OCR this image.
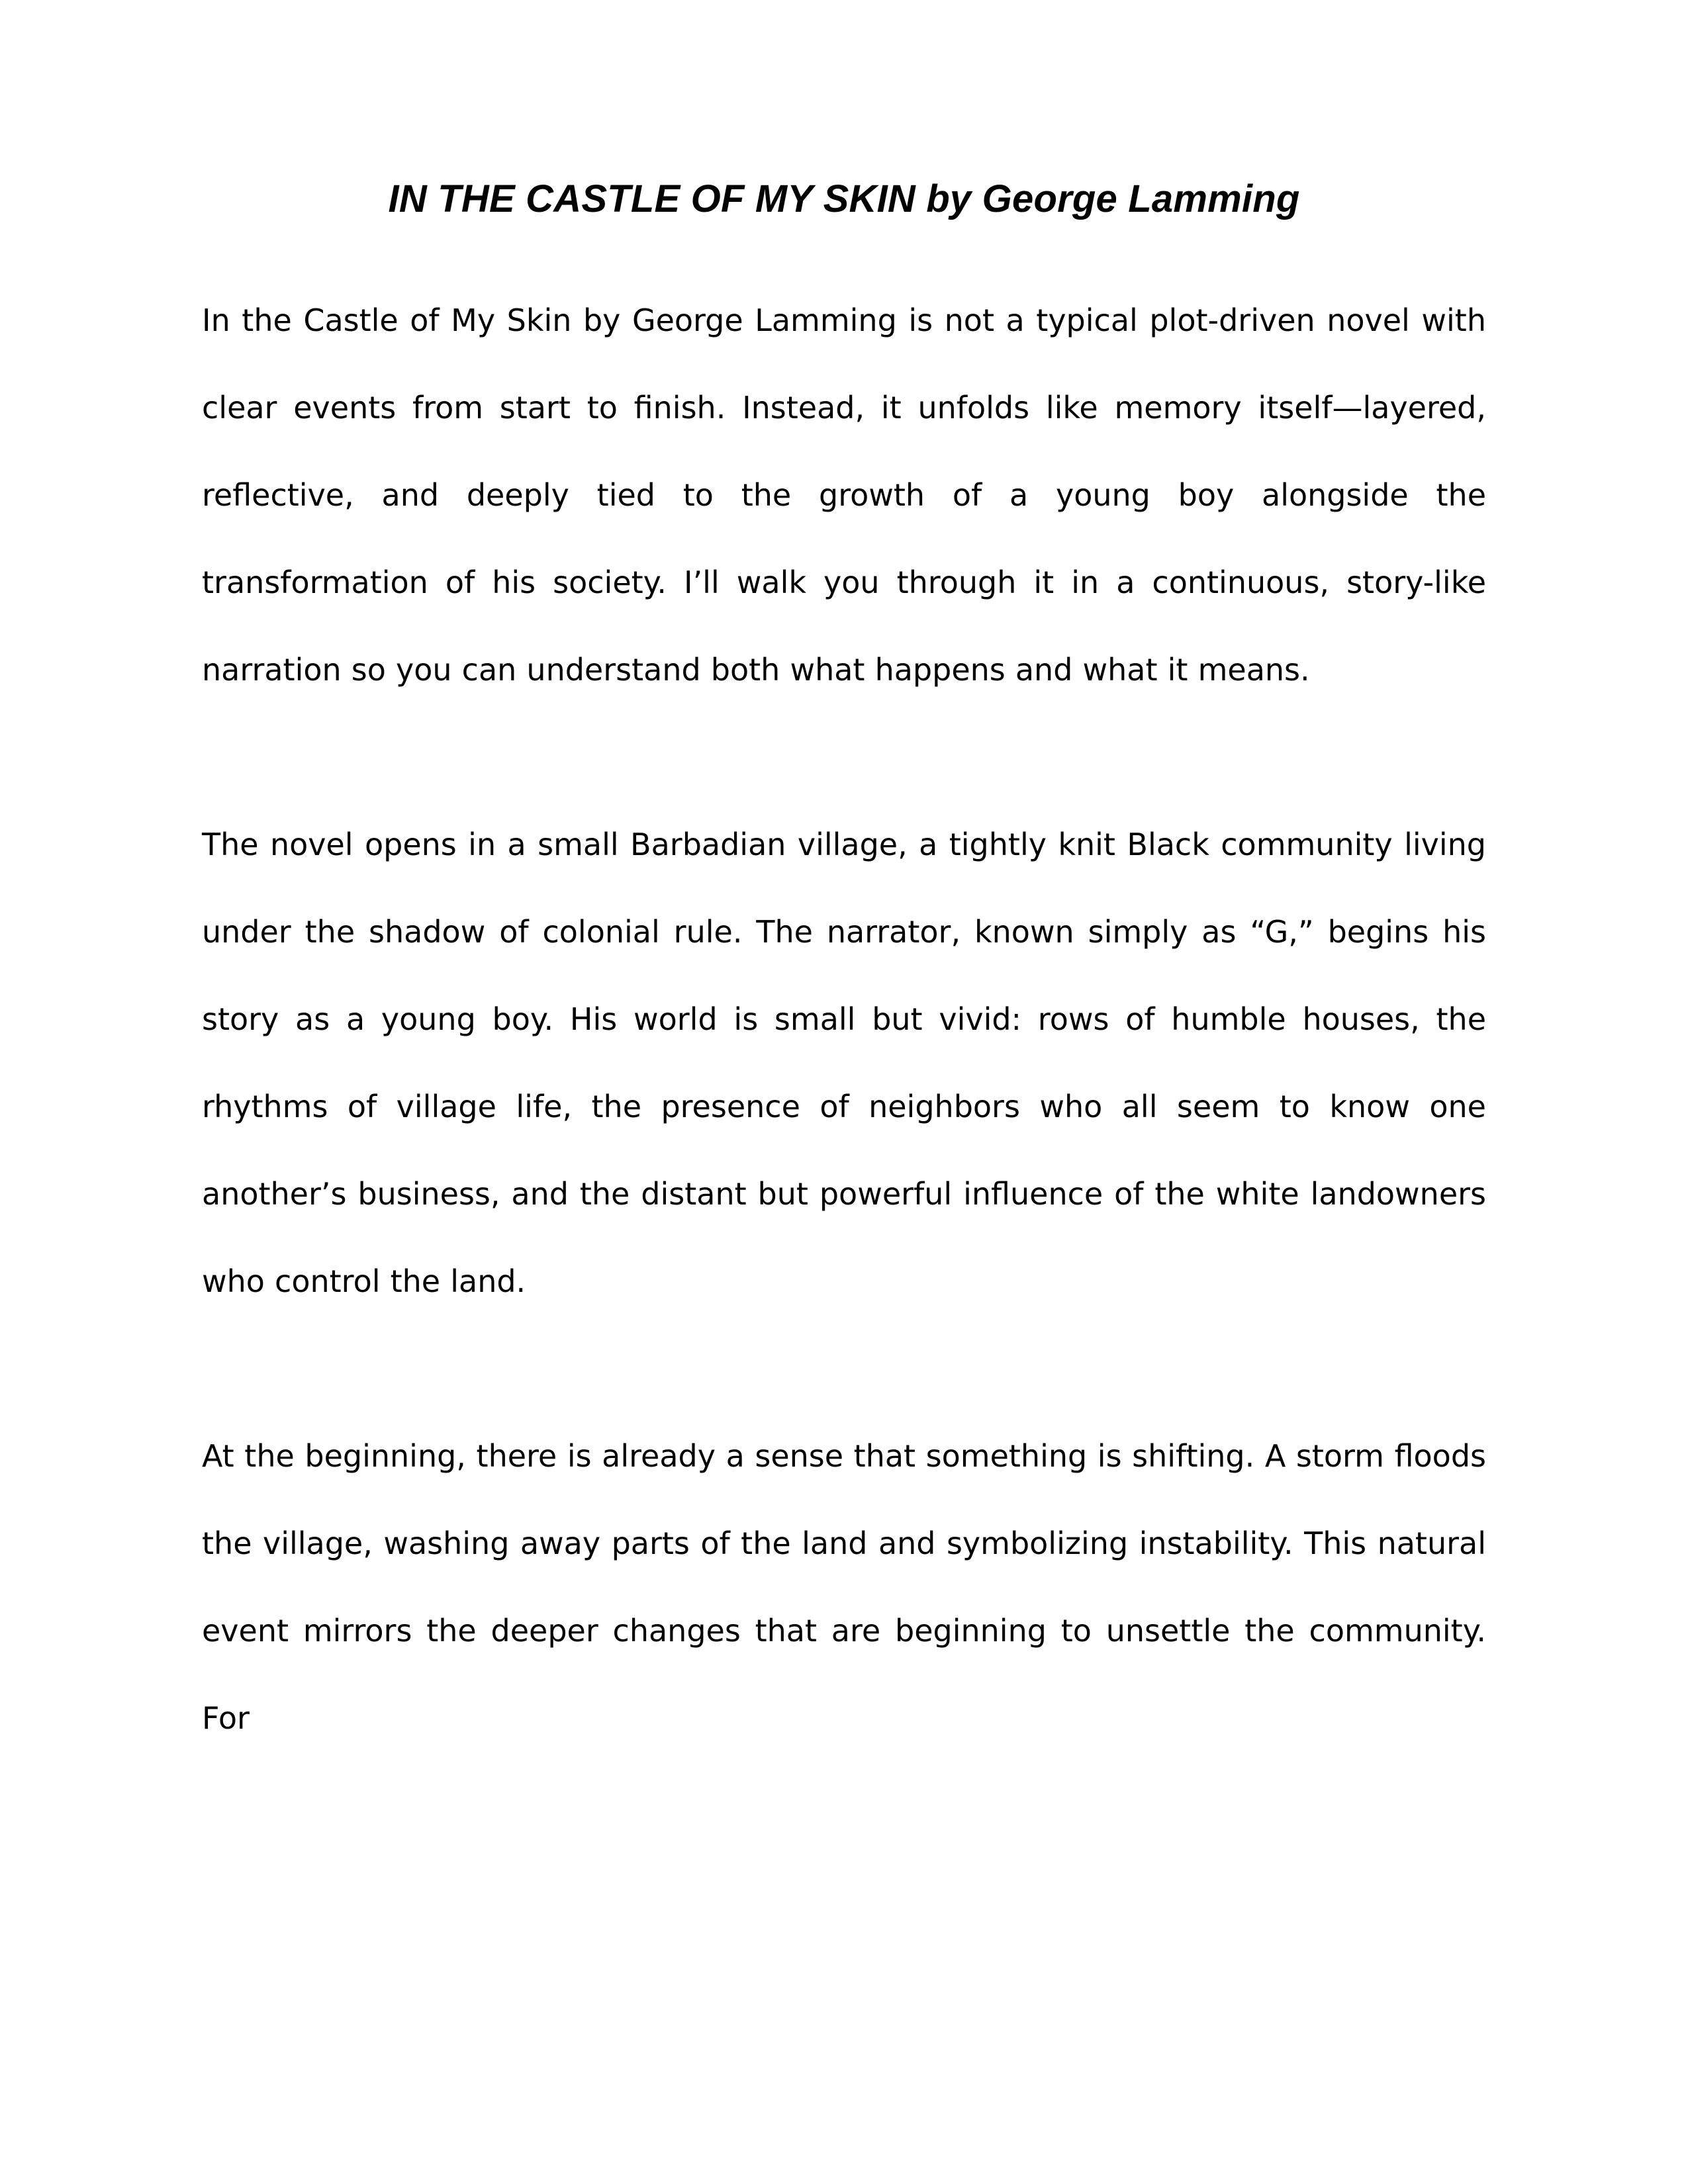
IN THE CASTLE OF MY SKIN by George Lamming

In the Castle of My Skin by George Lamming is not a typical plot-driven novel with clear events from start to finish. Instead, it unfolds like memory itself—layered, reflective, and deeply tied to the growth of a young boy alongside the transformation of his society. I’ll walk you through it in a continuous, story-like narration so you can understand both what happens and what it means.

The novel opens in a small Barbadian village, a tightly knit Black community living under the shadow of colonial rule. The narrator, known simply as “G,” begins his story as a young boy. His world is small but vivid: rows of humble houses, the rhythms of village life, the presence of neighbors who all seem to know one another’s business, and the distant but powerful influence of the white landowners who control the land.

At the beginning, there is already a sense that something is shifting. A storm floods the village, washing away parts of the land and symbolizing instability. This natural event mirrors the deeper changes that are beginning to unsettle the community. For
